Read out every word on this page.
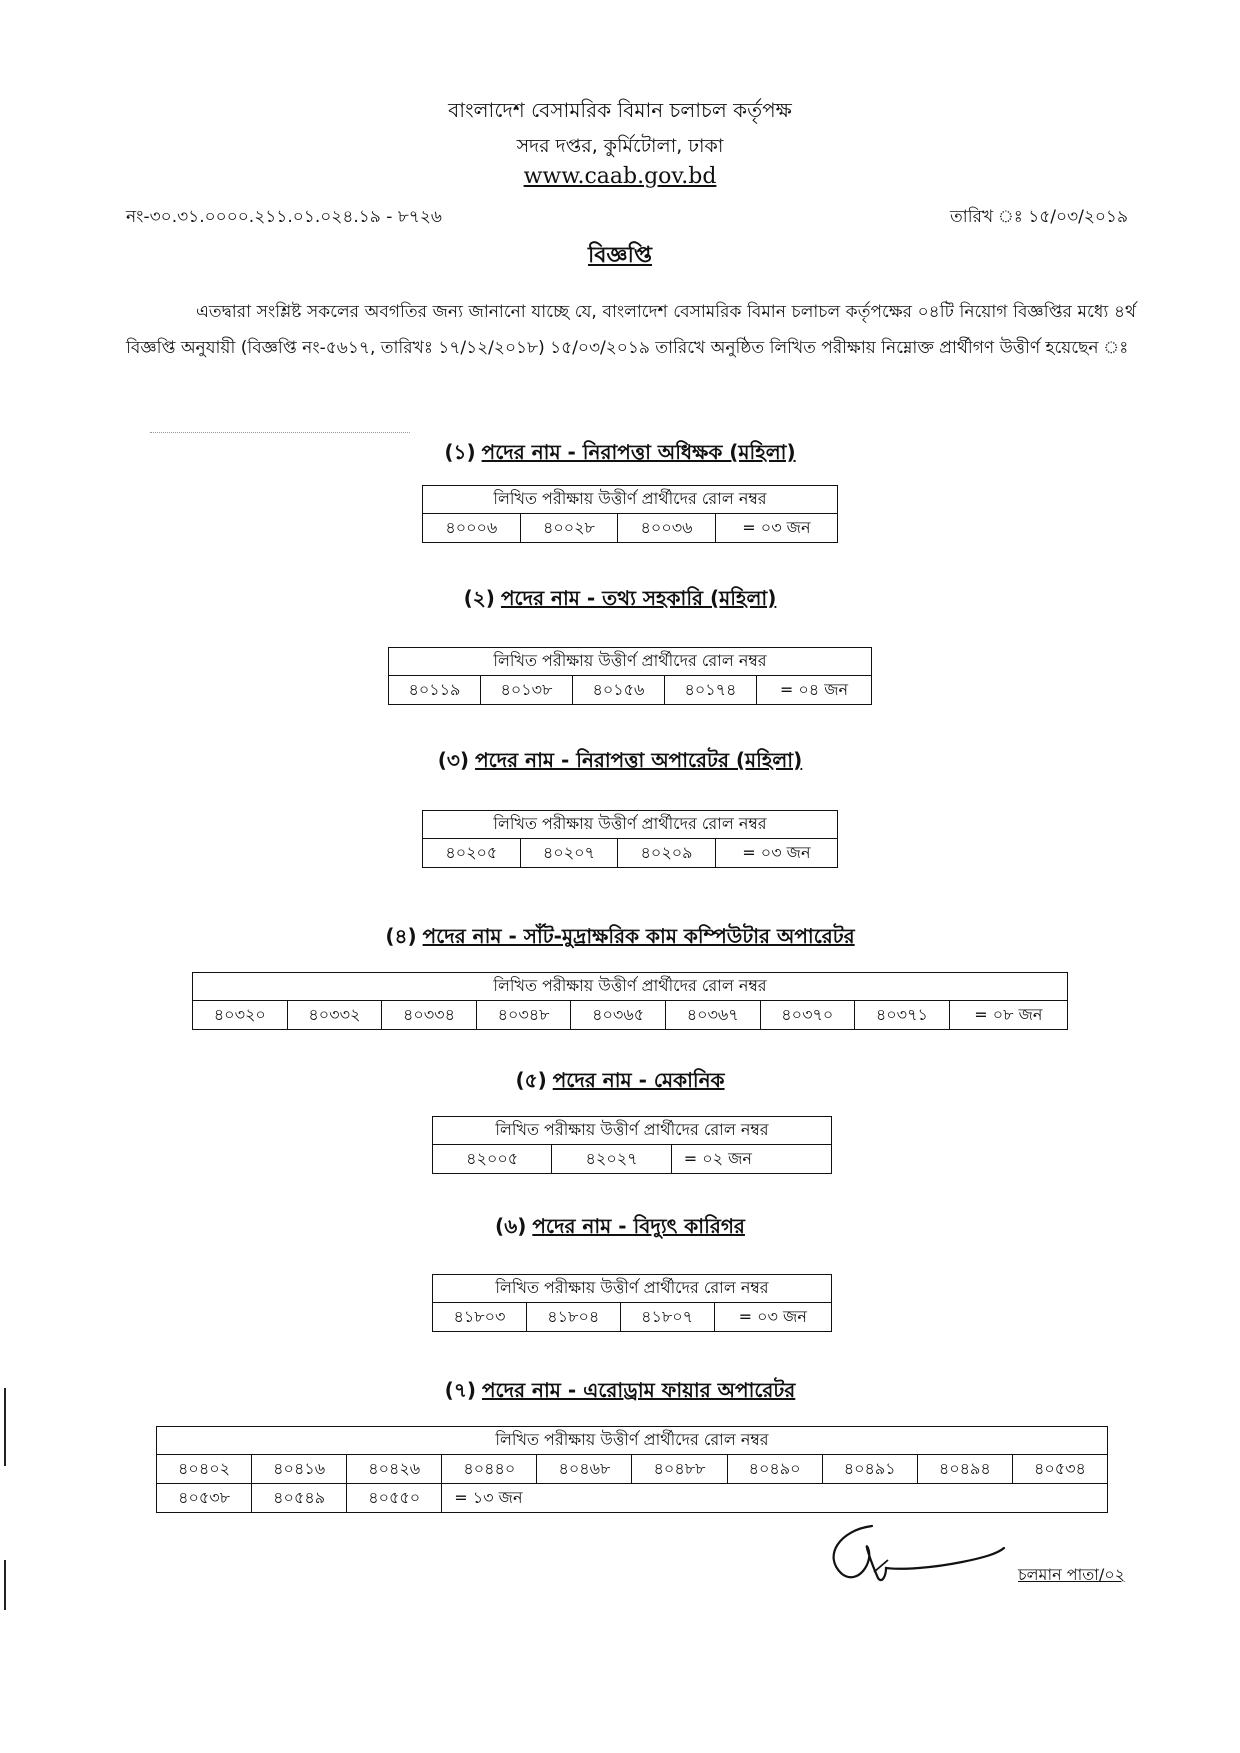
বাংলাদেশ বেসামরিক বিমান চলাচল কর্তৃপক্ষ
সদর দপ্তর, কুর্মিটোলা, ঢাকা
www.caab.gov.bd
নং-৩০.৩১.০০০০.২১১.০১.০২৪.১৯ - ৮৭২৬	তারিখ ঃ ১৫/০৩/২০১৯
বিজ্ঞপ্তি
এতদ্বারা সংশ্লিষ্ট সকলের অবগতির জন্য জানানো যাচ্ছে যে, বাংলাদেশ বেসামরিক বিমান চলাচল কর্তৃপক্ষের ০৪টি নিয়োগ বিজ্ঞপ্তির মধ্যে ৪র্থ বিজ্ঞপ্তি অনুযায়ী (বিজ্ঞপ্তি নং-৫৬১৭, তারিখঃ ১৭/১২/২০১৮) ১৫/০৩/২০১৯ তারিখে অনুষ্ঠিত লিখিত পরীক্ষায় নিম্নোক্ত প্রার্থীগণ উত্তীর্ণ হয়েছেন ঃ
(১) পদের নাম - নিরাপত্তা অধিক্ষক (মহিলা)
লিখিত পরীক্ষায় উত্তীর্ণ প্রার্থীদের রোল নম্বর
৪০০০৬	৪০০২৮	৪০০৩৬	= ০৩ জন
(২) পদের নাম - তথ্য সহকারি (মহিলা)
লিখিত পরীক্ষায় উত্তীর্ণ প্রার্থীদের রোল নম্বর
৪০১১৯	৪০১৩৮	৪০১৫৬	৪০১৭৪	= ০৪ জন
(৩) পদের নাম - নিরাপত্তা অপারেটর (মহিলা)
লিখিত পরীক্ষায় উত্তীর্ণ প্রার্থীদের রোল নম্বর
৪০২০৫	৪০২০৭	৪০২০৯	= ০৩ জন
(৪) পদের নাম - সাঁট-মুদ্রাক্ষরিক কাম কম্পিউটার অপারেটর
লিখিত পরীক্ষায় উত্তীর্ণ প্রার্থীদের রোল নম্বর
৪০৩২০	৪০৩৩২	৪০৩৩৪	৪০৩৪৮	৪০৩৬৫	৪০৩৬৭	৪০৩৭০	৪০৩৭১	= ০৮ জন
(৫) পদের নাম - মেকানিক
লিখিত পরীক্ষায় উত্তীর্ণ প্রার্থীদের রোল নম্বর
৪২০০৫	৪২০২৭	= ০২ জন
(৬) পদের নাম - বিদ্যুৎ কারিগর
লিখিত পরীক্ষায় উত্তীর্ণ প্রার্থীদের রোল নম্বর
৪১৮০৩	৪১৮০৪	৪১৮০৭	= ০৩ জন
(৭) পদের নাম - এরোড্রাম ফায়ার অপারেটর
লিখিত পরীক্ষায় উত্তীর্ণ প্রার্থীদের রোল নম্বর									
৪০৪০২	৪০৪১৬	৪০৪২৬	৪০৪৪০	৪০৪৬৮	৪০৪৮৮	৪০৪৯০	৪০৪৯১	৪০৪৯৪	৪০৫৩৪
৪০৫৩৮	৪০৫৪৯	৪০৫৫০	= ১৩ জন						
চলমান পাতা/০২
